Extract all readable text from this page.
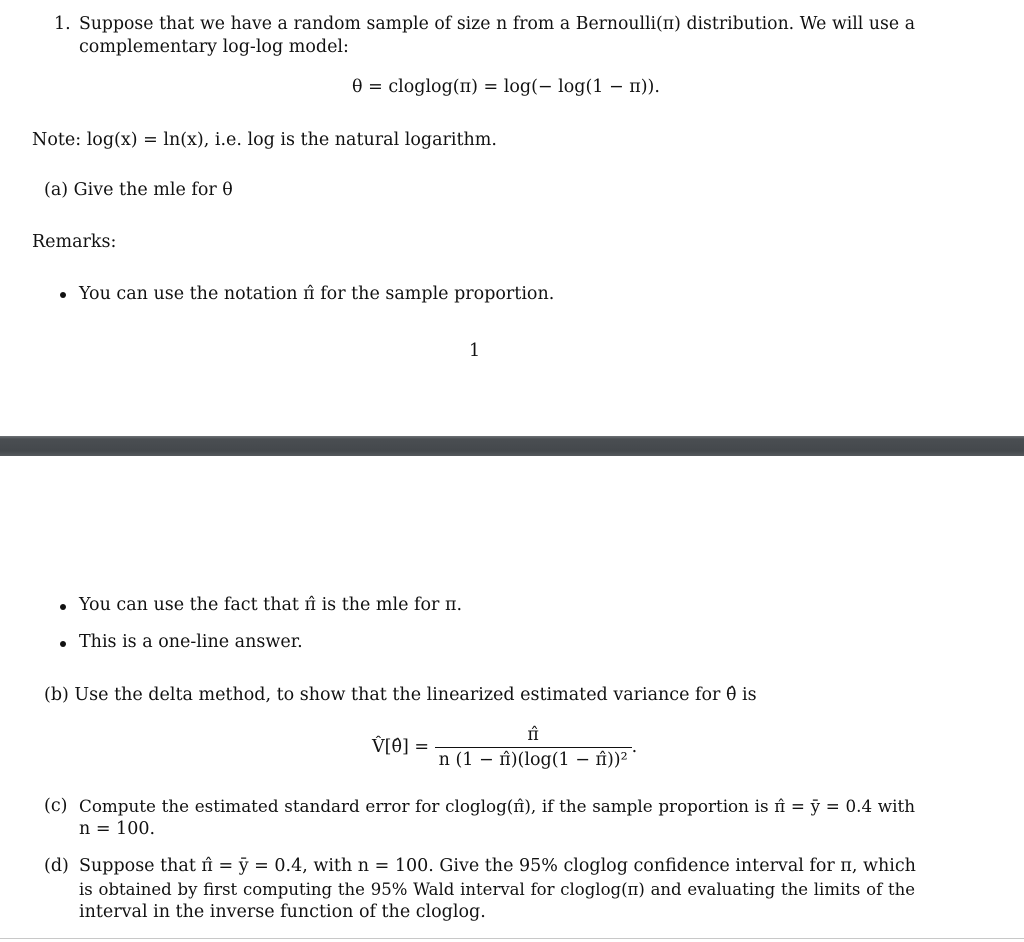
1. Suppose that we have a random sample of size n from a Bernoulli(π) distribution. We will use a
complementary log-log model:
θ = cloglog(π) = log(− log(1 − π)).
Note: log(x) = ln(x), i.e. log is the natural logarithm.
(a) Give the mle for θ
Remarks:
You can use the notation π̂ for the sample proportion.
1
You can use the fact that π̂ is the mle for π.
This is a one-line answer.
(b) Use the delta method, to show that the linearized estimated variance for θ̂ is
V̂[θ̂] = $\frac{\pî}{\text{n (1 − π̂)(log(1 − π̂))²}}$ .
(c) Compute the estimated standard error for cloglog(π̂), if the sample proportion is π̂ = ȳ = 0.4 with
n = 100.
(d) Suppose that π̂ = ȳ = 0.4, with n = 100. Give the 95% cloglog confidence interval for π, which
is obtained by first computing the 95% Wald interval for cloglog(π) and evaluating the limits of the
interval in the inverse function of the cloglog.
